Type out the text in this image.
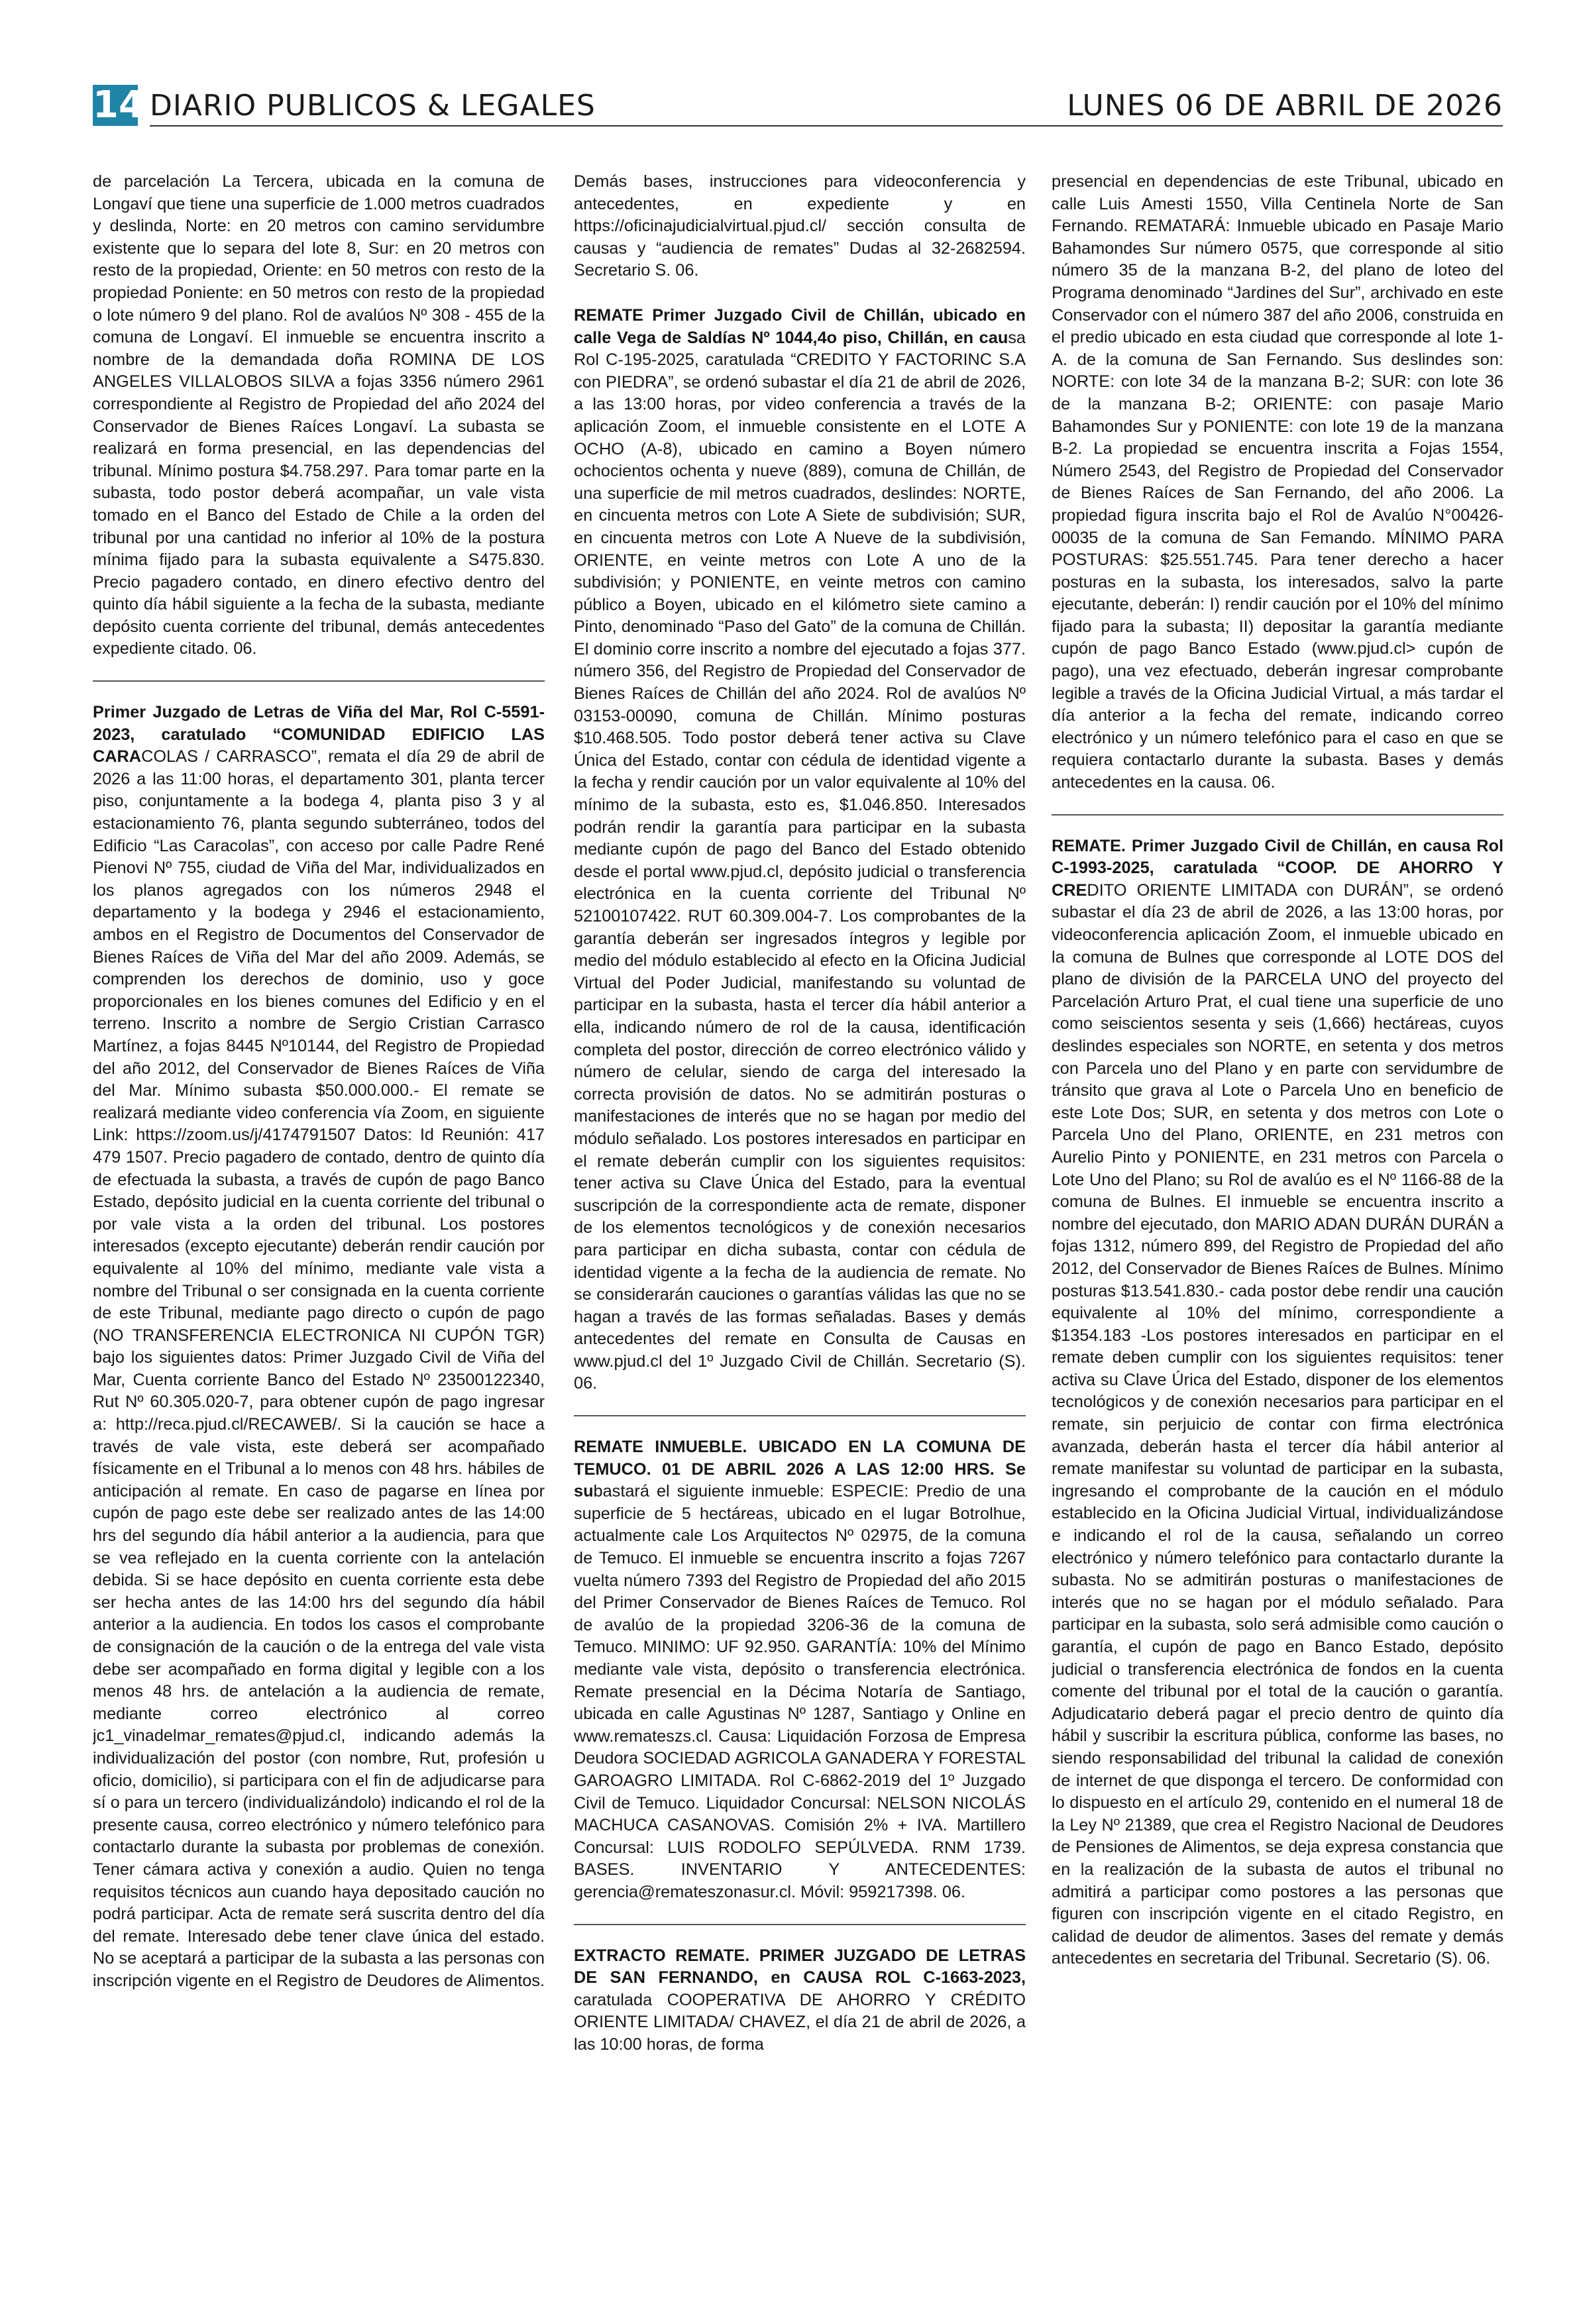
14 DIARIO PUBLICOS & LEGALES	LUNES 06 DE ABRIL DE 2026

de parcelación La Tercera, ubicada en la comuna de Longaví que tiene una superficie de 1.000 metros cuadrados y deslinda, Norte: en 20 metros con camino servidumbre existente que lo separa del lote 8, Sur: en 20 metros con resto de la propiedad, Oriente: en 50 metros con resto de la propiedad Poniente: en 50 metros con resto de la propiedad o lote número 9 del plano. Rol de avalúos Nº 308 - 455 de la comuna de Longaví. El inmueble se encuentra inscrito a nombre de la demandada doña ROMINA DE LOS ANGELES VILLALOBOS SILVA a fojas 3356 número 2961 correspondiente al Registro de Propiedad del año 2024 del Conservador de Bienes Raíces Longaví. La subasta se realizará en forma presencial, en las dependencias del tribunal. Mínimo postura $4.758.297. Para tomar parte en la subasta, todo postor deberá acompañar, un vale vista tomado en el Banco del Estado de Chile a la orden del tribunal por una cantidad no inferior al 10% de la postura mínima fijado para la subasta equivalente a S475.830. Precio pagadero contado, en dinero efectivo dentro del quinto día hábil siguiente a la fecha de la subasta, mediante depósito cuenta corriente del tribunal, demás antecedentes expediente citado. 06.

Primer Juzgado de Letras de Viña del Mar, Rol C-5591-2023, caratulado “COMUNIDAD EDIFICIO LAS CARACOLAS / CARRASCO”, remata el día 29 de abril de 2026 a las 11:00 horas, el departamento 301, planta tercer piso, conjuntamente a la bodega 4, planta piso 3 y al estacionamiento 76, planta segundo subterráneo, todos del Edificio “Las Caracolas”, con acceso por calle Padre René Pienovi Nº 755, ciudad de Viña del Mar, individualizados en los planos agregados con los números 2948 el departamento y la bodega y 2946 el estacionamiento, ambos en el Registro de Documentos del Conservador de Bienes Raíces de Viña del Mar del año 2009. Además, se comprenden los derechos de dominio, uso y goce proporcionales en los bienes comunes del Edificio y en el terreno. Inscrito a nombre de Sergio Cristian Carrasco Martínez, a fojas 8445 Nº10144, del Registro de Propiedad del año 2012, del Conservador de Bienes Raíces de Viña del Mar. Mínimo subasta $50.000.000.- El remate se realizará mediante video conferencia vía Zoom, en siguiente Link: https://zoom.us/j/4174791507 Datos: Id Reunión: 417 479 1507. Precio pagadero de contado, dentro de quinto día de efectuada la subasta, a través de cupón de pago Banco Estado, depósito judicial en la cuenta corriente del tribunal o por vale vista a la orden del tribunal. Los postores interesados (excepto ejecutante) deberán rendir caución por equivalente al 10% del mínimo, mediante vale vista a nombre del Tribunal o ser consignada en la cuenta corriente de este Tribunal, mediante pago directo o cupón de pago (NO TRANSFERENCIA ELECTRONICA NI CUPÓN TGR) bajo los siguientes datos: Primer Juzgado Civil de Viña del Mar, Cuenta corriente Banco del Estado Nº 23500122340, Rut Nº 60.305.020-7, para obtener cupón de pago ingresar a: http://reca.pjud.cl/RECAWEB/. Si la caución se hace a través de vale vista, este deberá ser acompañado físicamente en el Tribunal a lo menos con 48 hrs. hábiles de anticipación al remate. En caso de pagarse en línea por cupón de pago este debe ser realizado antes de las 14:00 hrs del segundo día hábil anterior a la audiencia, para que se vea reflejado en la cuenta corriente con la antelación debida. Si se hace depósito en cuenta corriente esta debe ser hecha antes de las 14:00 hrs del segundo día hábil anterior a la audiencia. En todos los casos el comprobante de consignación de la caución o de la entrega del vale vista debe ser acompañado en forma digital y legible con a los menos 48 hrs. de antelación a la audiencia de remate, mediante correo electrónico al correo jc1_vinadelmar_remates@pjud.cl, indicando además la individualización del postor (con nombre, Rut, profesión u oficio, domicilio), si participara con el fin de adjudicarse para sí o para un tercero (individualizándolo) indicando el rol de la presente causa, correo electrónico y número telefónico para contactarlo durante la subasta por problemas de conexión. Tener cámara activa y conexión a audio. Quien no tenga requisitos técnicos aun cuando haya depositado caución no podrá participar. Acta de remate será suscrita dentro del día del remate. Interesado debe tener clave única del estado. No se aceptará a participar de la subasta a las personas con inscripción vigente en el Registro de Deudores de Alimentos.

Demás bases, instrucciones para videoconferencia y antecedentes, en expediente y en https://oficinajudicialvirtual.pjud.cl/ sección consulta de causas y “audiencia de remates” Dudas al 32-2682594. Secretario S. 06.

REMATE Primer Juzgado Civil de Chillán, ubicado en calle Vega de Saldías Nº 1044,4o piso, Chillán, en causa Rol C-195-2025, caratulada “CREDITO Y FACTORINC S.A con PIEDRA”, se ordenó subastar el día 21 de abril de 2026, a las 13:00 horas, por video conferencia a través de la aplicación Zoom, el inmueble consistente en el LOTE A OCHO (A-8), ubicado en camino a Boyen número ochocientos ochenta y nueve (889), comuna de Chillán, de una superficie de mil metros cuadrados, deslindes: NORTE, en cincuenta metros con Lote A Siete de subdivisión; SUR, en cincuenta metros con Lote A Nueve de la subdivisión, ORIENTE, en veinte metros con Lote A uno de la subdivisión; y PONIENTE, en veinte metros con camino público a Boyen, ubicado en el kilómetro siete camino a Pinto, denominado “Paso del Gato” de la comuna de Chillán. El dominio corre inscrito a nombre del ejecutado a fojas 377. número 356, del Registro de Propiedad del Conservador de Bienes Raíces de Chillán del año 2024. Rol de avalúos Nº 03153-00090, comuna de Chillán. Mínimo posturas $10.468.505. Todo postor deberá tener activa su Clave Única del Estado, contar con cédula de identidad vigente a la fecha y rendir caución por un valor equivalente al 10% del mínimo de la subasta, esto es, $1.046.850. Interesados podrán rendir la garantía para participar en la subasta mediante cupón de pago del Banco del Estado obtenido desde el portal www.pjud.cl, depósito judicial o transferencia electrónica en la cuenta corriente del Tribunal Nº 52100107422. RUT 60.309.004-7. Los comprobantes de la garantía deberán ser ingresados íntegros y legible por medio del módulo establecido al efecto en la Oficina Judicial Virtual del Poder Judicial, manifestando su voluntad de participar en la subasta, hasta el tercer día hábil anterior a ella, indicando número de rol de la causa, identificación completa del postor, dirección de correo electrónico válido y número de celular, siendo de carga del interesado la correcta provisión de datos. No se admitirán posturas o manifestaciones de interés que no se hagan por medio del módulo señalado. Los postores interesados en participar en el remate deberán cumplir con los siguientes requisitos: tener activa su Clave Única del Estado, para la eventual suscripción de la correspondiente acta de remate, disponer de los elementos tecnológicos y de conexión necesarios para participar en dicha subasta, contar con cédula de identidad vigente a la fecha de la audiencia de remate. No se considerarán cauciones o garantías válidas las que no se hagan a través de las formas señaladas. Bases y demás antecedentes del remate en Consulta de Causas en www.pjud.cl del 1º Juzgado Civil de Chillán. Secretario (S). 06.

REMATE INMUEBLE. UBICADO EN LA COMUNA DE TEMUCO. 01 DE ABRIL 2026 A LAS 12:00 HRS. Se subastará el siguiente inmueble: ESPECIE: Predio de una superficie de 5 hectáreas, ubicado en el lugar Botrolhue, actualmente cale Los Arquitectos Nº 02975, de la comuna de Temuco. El inmueble se encuentra inscrito a fojas 7267 vuelta número 7393 del Registro de Propiedad del año 2015 del Primer Conservador de Bienes Raíces de Temuco. Rol de avalúo de la propiedad 3206-36 de la comuna de Temuco. MINIMO: UF 92.950. GARANTÍA: 10% del Mínimo mediante vale vista, depósito o transferencia electrónica. Remate presencial en la Décima Notaría de Santiago, ubicada en calle Agustinas Nº 1287, Santiago y Online en www.remateszs.cl. Causa: Liquidación Forzosa de Empresa Deudora SOCIEDAD AGRICOLA GANADERA Y FORESTAL GAROAGRO LIMITADA. Rol C-6862-2019 del 1º Juzgado Civil de Temuco. Liquidador Concursal: NELSON NICOLÁS MACHUCA CASANOVAS. Comisión 2% + IVA. Martillero Concursal: LUIS RODOLFO SEPÚLVEDA. RNM 1739. BASES. INVENTARIO Y ANTECEDENTES: gerencia@remateszonasur.cl. Móvil: 959217398. 06.

EXTRACTO REMATE. PRIMER JUZGADO DE LETRAS DE SAN FERNANDO, en CAUSA ROL C-1663-2023, caratulada COOPERATIVA DE AHORRO Y CRÉDITO ORIENTE LIMITADA/ CHAVEZ, el día 21 de abril de 2026, a las 10:00 horas, de forma

presencial en dependencias de este Tribunal, ubicado en calle Luis Amesti 1550, Villa Centinela Norte de San Fernando. REMATARÁ: Inmueble ubicado en Pasaje Mario Bahamondes Sur número 0575, que corresponde al sitio número 35 de la manzana B-2, del plano de loteo del Programa denominado “Jardines del Sur”, archivado en este Conservador con el número 387 del año 2006, construida en el predio ubicado en esta ciudad que corresponde al lote 1-A. de la comuna de San Fernando. Sus deslindes son: NORTE: con lote 34 de la manzana B-2; SUR: con lote 36 de la manzana B-2; ORIENTE: con pasaje Mario Bahamondes Sur y PONIENTE: con lote 19 de la manzana B-2. La propiedad se encuentra inscrita a Fojas 1554, Número 2543, del Registro de Propiedad del Conservador de Bienes Raíces de San Fernando, del año 2006. La propiedad figura inscrita bajo el Rol de Avalúo N°00426-00035 de la comuna de San Femando. MÍNIMO PARA POSTURAS: $25.551.745. Para tener derecho a hacer posturas en la subasta, los interesados, salvo la parte ejecutante, deberán: I) rendir caución por el 10% del mínimo fijado para la subasta; II) depositar la garantía mediante cupón de pago Banco Estado (www.pjud.cl> cupón de pago), una vez efectuado, deberán ingresar comprobante legible a través de la Oficina Judicial Virtual, a más tardar el día anterior a la fecha del remate, indicando correo electrónico y un número telefónico para el caso en que se requiera contactarlo durante la subasta. Bases y demás antecedentes en la causa. 06.

REMATE. Primer Juzgado Civil de Chillán, en causa Rol C-1993-2025, caratulada “COOP. DE AHORRO Y CREDITO ORIENTE LIMITADA con DURÁN”, se ordenó subastar el día 23 de abril de 2026, a las 13:00 horas, por videoconferencia aplicación Zoom, el inmueble ubicado en la comuna de Bulnes que corresponde al LOTE DOS del plano de división de la PARCELA UNO del proyecto del Parcelación Arturo Prat, el cual tiene una superficie de uno como seiscientos sesenta y seis (1,666) hectáreas, cuyos deslindes especiales son NORTE, en setenta y dos metros con Parcela uno del Plano y en parte con servidumbre de tránsito que grava al Lote o Parcela Uno en beneficio de este Lote Dos; SUR, en setenta y dos metros con Lote o Parcela Uno del Plano, ORIENTE, en 231 metros con Aurelio Pinto y PONIENTE, en 231 metros con Parcela o Lote Uno del Plano; su Rol de avalúo es el Nº 1166-88 de la comuna de Bulnes. El inmueble se encuentra inscrito a nombre del ejecutado, don MARIO ADAN DURÁN DURÁN a fojas 1312, número 899, del Registro de Propiedad del año 2012, del Conservador de Bienes Raíces de Bulnes. Mínimo posturas $13.541.830.- cada postor debe rendir una caución equivalente al 10% del mínimo, correspondiente a $1354.183 -Los postores interesados en participar en el remate deben cumplir con los siguientes requisitos: tener activa su Clave Úrica del Estado, disponer de los elementos tecnológicos y de conexión necesarios para participar en el remate, sin perjuicio de contar con firma electrónica avanzada, deberán hasta el tercer día hábil anterior al remate manifestar su voluntad de participar en la subasta, ingresando el comprobante de la caución en el módulo establecido en la Oficina Judicial Virtual, individualizándose e indicando el rol de la causa, señalando un correo electrónico y número telefónico para contactarlo durante la subasta. No se admitirán posturas o manifestaciones de interés que no se hagan por el módulo señalado. Para participar en la subasta, solo será admisible como caución o garantía, el cupón de pago en Banco Estado, depósito judicial o transferencia electrónica de fondos en la cuenta comente del tribunal por el total de la caución o garantía. Adjudicatario deberá pagar el precio dentro de quinto día hábil y suscribir la escritura pública, conforme las bases, no siendo responsabilidad del tribunal la calidad de conexión de internet de que disponga el tercero. De conformidad con lo dispuesto en el artículo 29, contenido en el numeral 18 de la Ley Nº 21389, que crea el Registro Nacional de Deudores de Pensiones de Alimentos, se deja expresa constancia que en la realización de la subasta de autos el tribunal no admitirá a participar como postores a las personas que figuren con inscripción vigente en el citado Registro, en calidad de deudor de alimentos. 3ases del remate y demás antecedentes en secretaria del Tribunal. Secretario (S). 06.
